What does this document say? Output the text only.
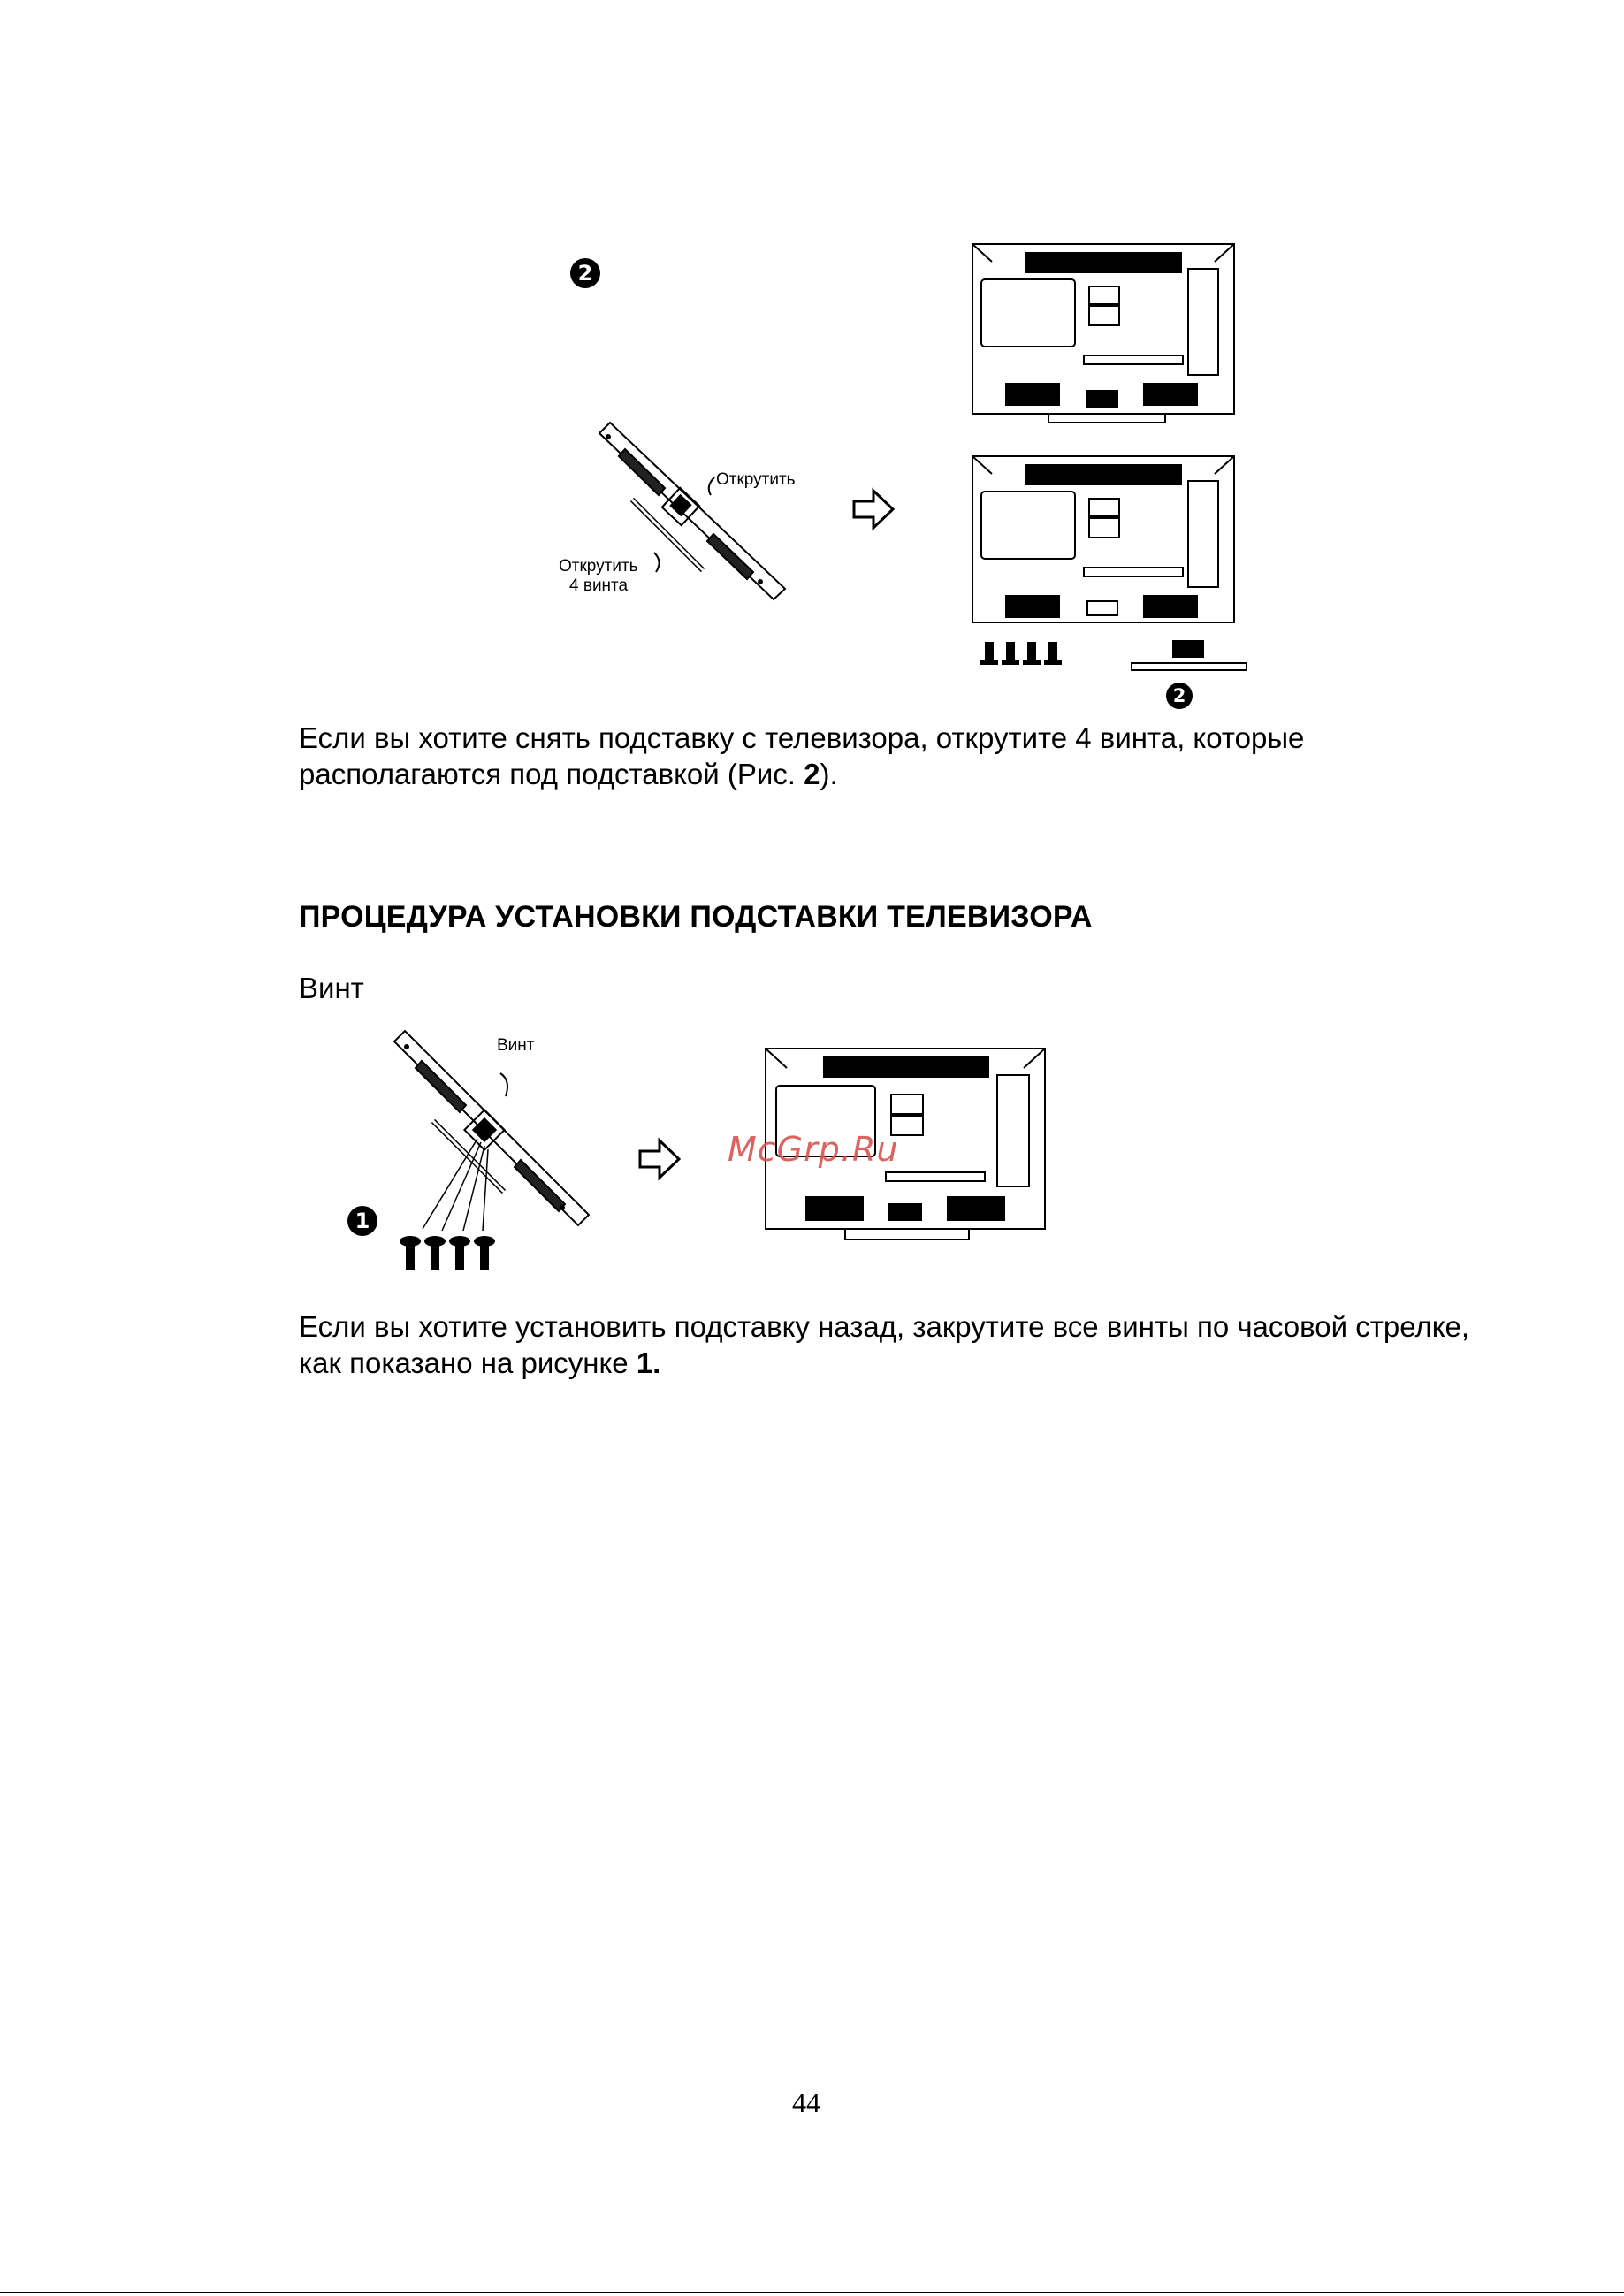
2
Открутить
Открутить
4 винта
2
Если вы хотите снять подставку с телевизора, открутите 4 винта, которые располагаются под подставкой (Рис. 2).
ПРОЦЕДУРА УСТАНОВКИ ПОДСТАВКИ ТЕЛЕВИЗОРА
Винт
Винт
1
McGrp.Ru
Если вы хотите установить подставку назад, закрутите все винты по часовой стрелке, как показано на рисунке 1.
44
